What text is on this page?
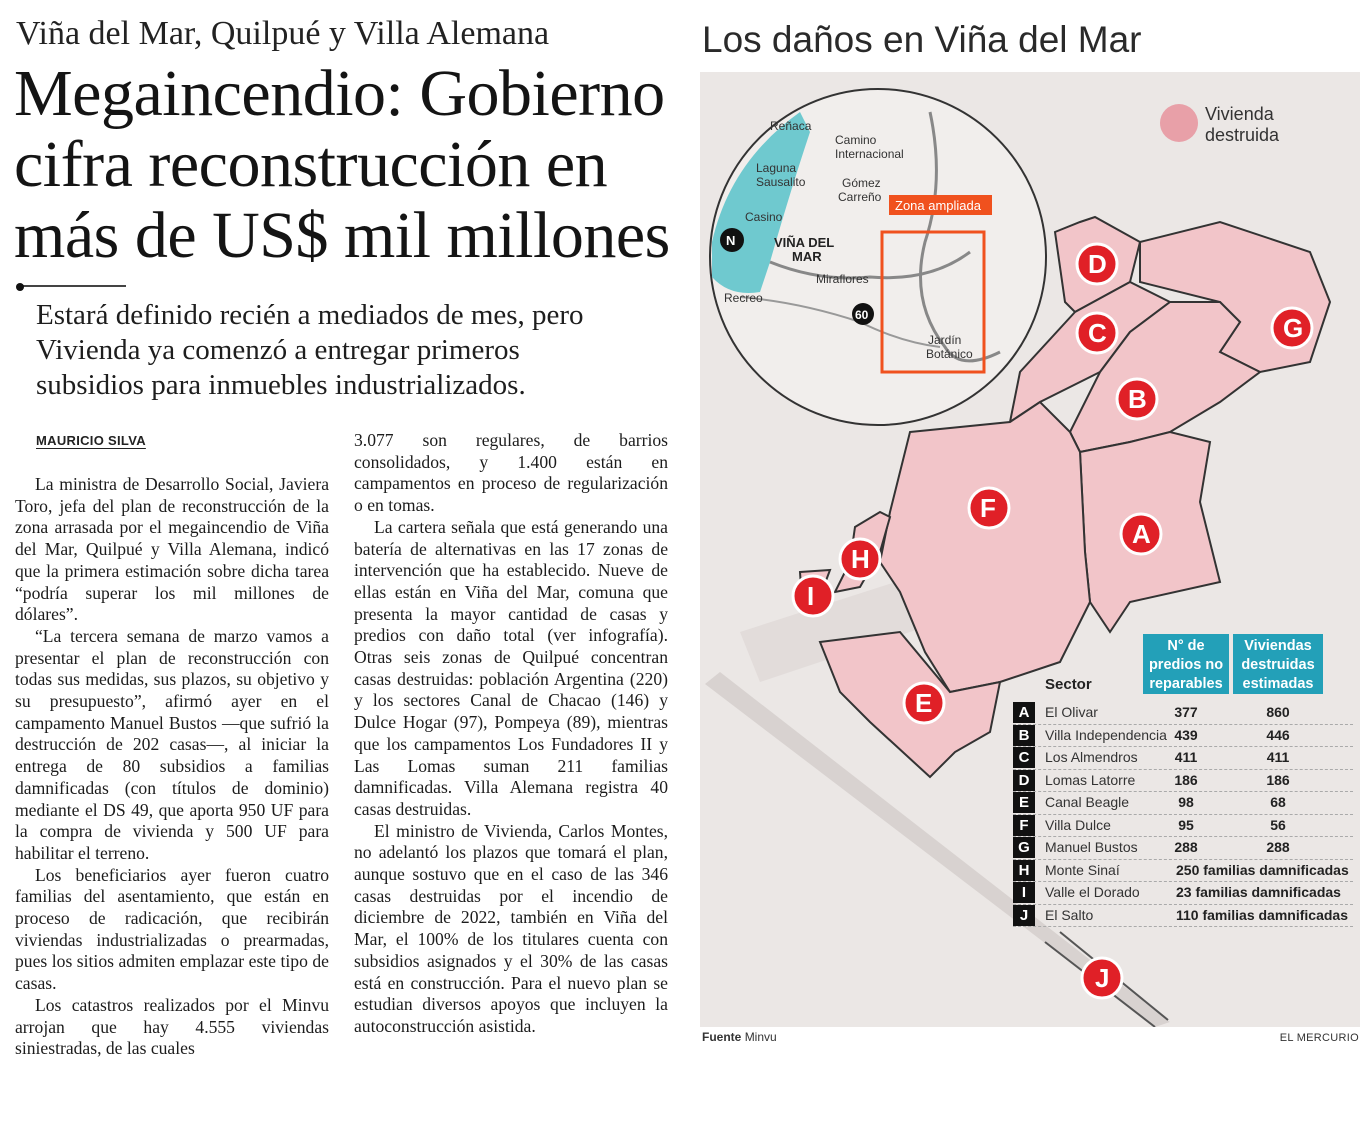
Viña del Mar, Quilpué y Villa Alemana
Megaincendio: Gobierno
cifra reconstrucción en
más de US$ mil millones
Estará definido recién a mediados de mes, pero
Vivienda ya comenzó a entregar primeros
subsidios para inmuebles industrializados.
MAURICIO SILVA

La ministra de Desarrollo Social, Javiera Toro, jefa del plan de reconstrucción de la zona arrasada por el megaincendio de Viña del Mar, Quilpué y Villa Alemana, indicó que la primera estimación sobre dicha tarea “podría superar los mil millones de dólares”.

“La tercera semana de marzo vamos a presentar el plan de reconstrucción con todas sus medidas, sus plazos, su objetivo y su presupuesto”, afirmó ayer en el campamento Manuel Bustos —que sufrió la destrucción de 202 casas—, al iniciar la entrega de 80 subsidios a familias damnificadas (con títulos de dominio) mediante el DS 49, que aporta 950 UF para la compra de vivienda y 500 UF para habilitar el terreno.

Los beneficiarios ayer fueron cuatro familias del asentamiento, que están en proceso de radicación, que recibirán viviendas industrializadas o prearmadas, pues los sitios admiten emplazar este tipo de casas.

Los catastros realizados por el Minvu arrojan que hay 4.555 viviendas siniestradas, de las cuales

3.077 son regulares, de barrios consolidados, y 1.400 están en campamentos en proceso de regularización o en tomas.

La cartera señala que está generando una batería de alternativas en las 17 zonas de intervención que ha establecido. Nueve de ellas están en Viña del Mar, comuna que presenta la mayor cantidad de casas y predios con daño total (ver infografía). Otras seis zonas de Quilpué concentran casas destruidas: población Argentina (220) y los sectores Canal de Chacao (146) y Dulce Hogar (97), Pompeya (89), mientras que los campamentos Los Fundadores II y Las Lomas suman 211 familias damnificadas. Villa Alemana registra 40 casas destruidas.

El ministro de Vivienda, Carlos Montes, no adelantó los plazos que tomará el plan, aunque sostuvo que en el caso de las 346 casas destruidas por el incendio de diciembre de 2022, también en Viña del Mar, el 100% de los titulares cuenta con subsidios asignados y el 30% de las casas está en construcción. Para el nuevo plan se estudian diversos apoyos que incluyen la autoconstrucción asistida.

Los daños en Viña del Mar
Zona ampliada
Reñaca
Camino
Internacional
Laguna
Sausalito	Gómez
Carreño
Casino
VIÑA DEL
MAR
Miraflores
Recreo
Jardín
Botánico
N
60
A
B
C
D
E
F
G
H
I
J
Vivienda destruida
Sector
N° de
predios no
reparables
Viviendas
destruidas
estimadas
A	El Olivar	377	860
B	Villa Independencia 439	446
C	Los Almendros	411	411
D	Lomas Latorre	186	186
E	Canal Beagle	98	68
F	Villa Dulce	95	56
G	Manuel Bustos	288	288
H	Monte Sinaí	250 familias damnificadas
I	Valle el Dorado	23 familias damnificadas
J	El Salto	110 familias damnificadas
Fuente Minvu	EL MERCURIO
